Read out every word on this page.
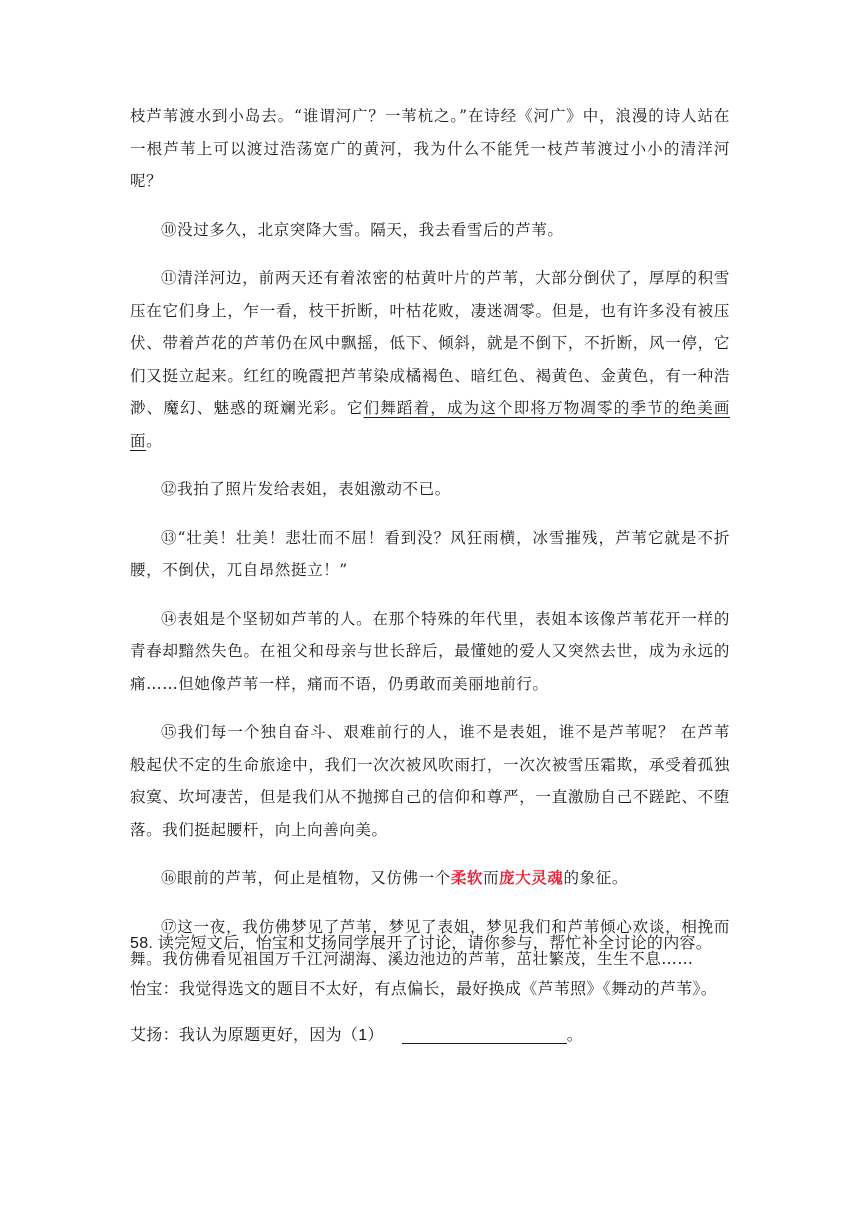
枝芦苇渡水到小岛去。“谁谓河广？一苇杭之。”在诗经《河广》中，浪漫的诗人站在一根芦苇上可以渡过浩荡宽广的黄河，我为什么不能凭一枝芦苇渡过小小的清洋河呢？

⑩没过多久，北京突降大雪。隔天，我去看雪后的芦苇。

⑪清洋河边，前两天还有着浓密的枯黄叶片的芦苇，大部分倒伏了，厚厚的积雪压在它们身上，乍一看，枝干折断，叶枯花败，凄迷凋零。但是，也有许多没有被压伏、带着芦花的芦苇仍在风中飘摇，低下、倾斜，就是不倒下，不折断，风一停，它们又挺立起来。红红的晚霞把芦苇染成橘褐色、暗红色、褐黄色、金黄色，有一种浩渺、魔幻、魅惑的斑斓光彩。它们舞蹈着，成为这个即将万物凋零的季节的绝美画面。

⑫我拍了照片发给表姐，表姐激动不已。

⑬“壮美！壮美！悲壮而不屈！看到没？风狂雨横，冰雪摧残，芦苇它就是不折腰，不倒伏，兀自昂然挺立！”

⑭表姐是个坚韧如芦苇的人。在那个特殊的年代里，表姐本该像芦苇花开一样的青春却黯然失色。在祖父和母亲与世长辞后，最懂她的爱人又突然去世，成为永远的痛……但她像芦苇一样，痛而不语，仍勇敢而美丽地前行。

⑮我们每一个独自奋斗、艰难前行的人，谁不是表姐，谁不是芦苇呢？ 在芦苇般起伏不定的生命旅途中，我们一次次被风吹雨打，一次次被雪压霜欺，承受着孤独寂寞、坎坷凄苦，但是我们从不抛掷自己的信仰和尊严，一直激励自己不蹉跎、不堕落。我们挺起腰杆，向上向善向美。

⑯眼前的芦苇，何止是植物，又仿佛一个柔软而庞大灵魂的象征。

⑰这一夜，我仿佛梦见了芦苇，梦见了表姐，梦见我们和芦苇倾心欢谈，相挽而舞。我仿佛看见祖国万千江河湖海、溪边池边的芦苇，茁壮繁茂，生生不息……

58. 读完短文后，怡宝和艾扬同学展开了讨论，请你参与，帮忙补全讨论的内容。

怡宝：我觉得选文的题目不太好，有点偏长，最好换成《芦苇照》《舞动的芦苇》。

艾扬：我认为原题更好，因为（1）	。
